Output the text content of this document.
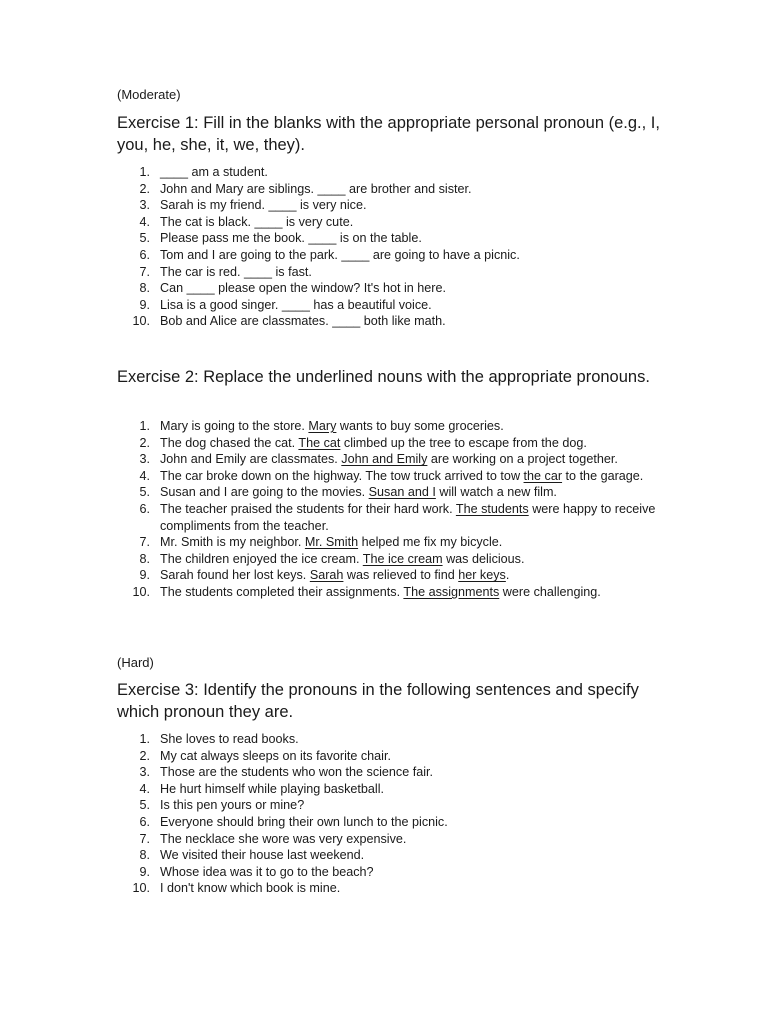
(Moderate)

Exercise 1: Fill in the blanks with the appropriate personal pronoun (e.g., I, you, he, she, it, we, they).
1. ____ am a student.
2. John and Mary are siblings. ____ are brother and sister.
3. Sarah is my friend. ____ is very nice.
4. The cat is black. ____ is very cute.
5. Please pass me the book. ____ is on the table.
6. Tom and I are going to the park. ____ are going to have a picnic.
7. The car is red. ____ is fast.
8. Can ____ please open the window? It's hot in here.
9. Lisa is a good singer. ____ has a beautiful voice.
10. Bob and Alice are classmates. ____ both like math.
Exercise 2: Replace the underlined nouns with the appropriate pronouns.
1. Mary is going to the store. Mary wants to buy some groceries.
2. The dog chased the cat. The cat climbed up the tree to escape from the dog.
3. John and Emily are classmates. John and Emily are working on a project together.
4. The car broke down on the highway. The tow truck arrived to tow the car to the garage.
5. Susan and I are going to the movies. Susan and I will watch a new film.
6. The teacher praised the students for their hard work. The students were happy to receive compliments from the teacher.
7. Mr. Smith is my neighbor. Mr. Smith helped me fix my bicycle.
8. The children enjoyed the ice cream. The ice cream was delicious.
9. Sarah found her lost keys. Sarah was relieved to find her keys.
10. The students completed their assignments. The assignments were challenging.

(Hard)

Exercise 3: Identify the pronouns in the following sentences and specify which pronoun they are.
1. She loves to read books.
2. My cat always sleeps on its favorite chair.
3. Those are the students who won the science fair.
4. He hurt himself while playing basketball.
5. Is this pen yours or mine?
6. Everyone should bring their own lunch to the picnic.
7. The necklace she wore was very expensive.
8. We visited their house last weekend.
9. Whose idea was it to go to the beach?
10. I don't know which book is mine.
